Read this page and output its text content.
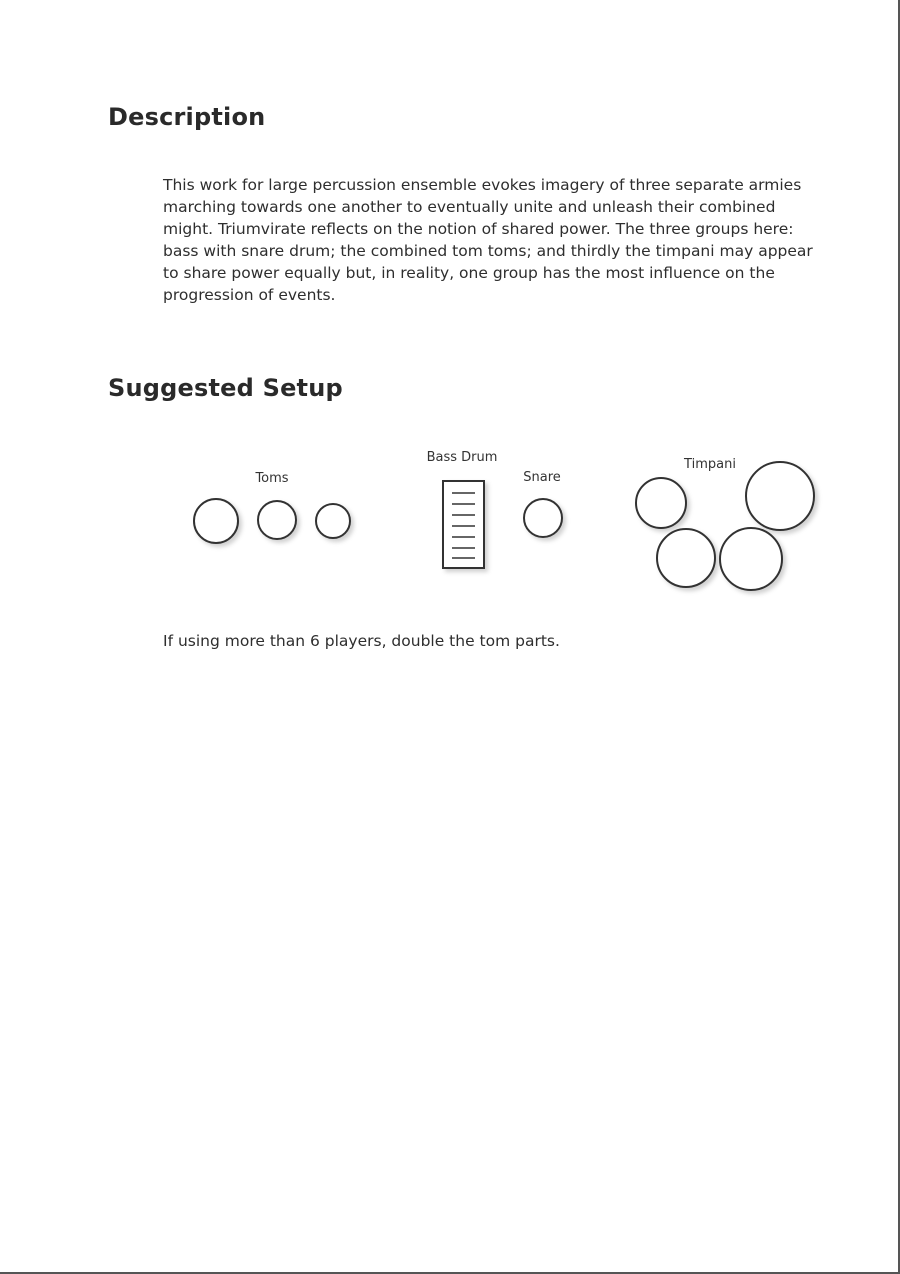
Description
This work for large percussion ensemble evokes imagery of three separate armies
marching towards one another to eventually unite and unleash their combined
might. Triumvirate reflects on the notion of shared power. The three groups here:
bass with snare drum; the combined tom toms; and thirdly the timpani may appear
to share power equally but, in reality, one group has the most influence on the
progression of events.
Suggested Setup
Toms
Bass Drum
Snare
Timpani
If using more than 6 players, double the tom parts.
